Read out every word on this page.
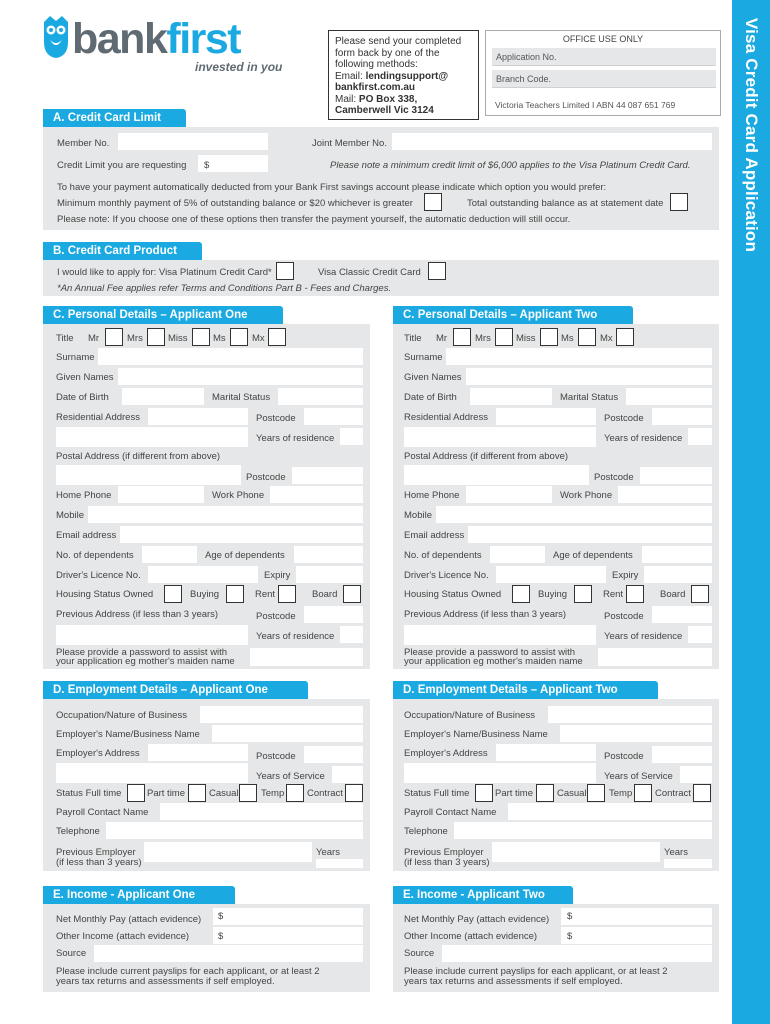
Visa Credit Card Application
bankfirst
invested in you
Please send your completed
form back by one of the
following methods:
Email: lendingsupport@
bankfirst.com.au
Mail: PO Box 338,
Camberwell Vic 3124
OFFICE USE ONLY
Application No.
Branch Code.
Victoria Teachers Limited I ABN 44 087 651 769
A. Credit Card Limit
Member No.	Joint Member No.
Credit Limit you are requesting $	Please note a minimum credit limit of $6,000 applies to the Visa Platinum Credit Card.
To have your payment automatically deducted from your Bank First savings account please indicate which option you would prefer:
Minimum monthly payment of 5% of outstanding balance or $20 whichever is greater	Total outstanding balance as at statement date
Please note: If you choose one of these options then transfer the payment yourself, the automatic deduction will still occur.
B. Credit Card Product
I would like to apply for: Visa Platinum Credit Card*	Visa Classic Credit Card
*An Annual Fee applies refer Terms and Conditions Part B - Fees and Charges.
C. Personal Details – Applicant One	C. Personal Details – Applicant Two
Title Mr	Mrs	Miss	Ms	Mx
Surname
Given Names
Date of Birth	Marital Status
Residential Address	Postcode
Years of residence
Postal Address (if different from above)
Postcode
Home Phone	Work Phone
Mobile
Email address
No. of dependents	Age of dependents
Driver's Licence No.	Expiry
Housing Status Owned	Buying	Rent	Board
Previous Address (if less than 3 years)	Postcode
Years of residence
Please provide a password to assist with
your application eg mother's maiden name
Title Mr	Mrs	Miss	Ms	Mx
Surname
Given Names
Date of Birth	Marital Status
Residential Address	Postcode
Years of residence
Postal Address (if different from above)
Postcode
Home Phone	Work Phone
Mobile
Email address
No. of dependents	Age of dependents
Driver's Licence No.	Expiry
Housing Status Owned	Buying	Rent	Board
Previous Address (if less than 3 years)	Postcode
Years of residence
Please provide a password to assist with
your application eg mother's maiden name
D. Employment Details – Applicant One	D. Employment Details – Applicant Two
Occupation/Nature of Business
Employer's Name/Business Name
Employer's Address	Postcode
Years of Service
Status Full time	Part time	Casual Temp Contract
Payroll Contact Name
Telephone
Previous Employer
(if less than 3 years)
Years
Occupation/Nature of Business
Employer's Name/Business Name
Employer's Address	Postcode
Years of Service
Status Full time	Part time	Casual Temp Contract
Payroll Contact Name
Telephone
Previous Employer
(if less than 3 years)
Years
E. Income - Applicant One	E. Income - Applicant Two
Net Monthly Pay (attach evidence) $
Other Income (attach evidence)	$
Source
Please include current payslips for each applicant, or at least 2
years tax returns and assessments if self employed.
Net Monthly Pay (attach evidence) $
Other Income (attach evidence)	$
Source
Please include current payslips for each applicant, or at least 2
years tax returns and assessments if self employed.
